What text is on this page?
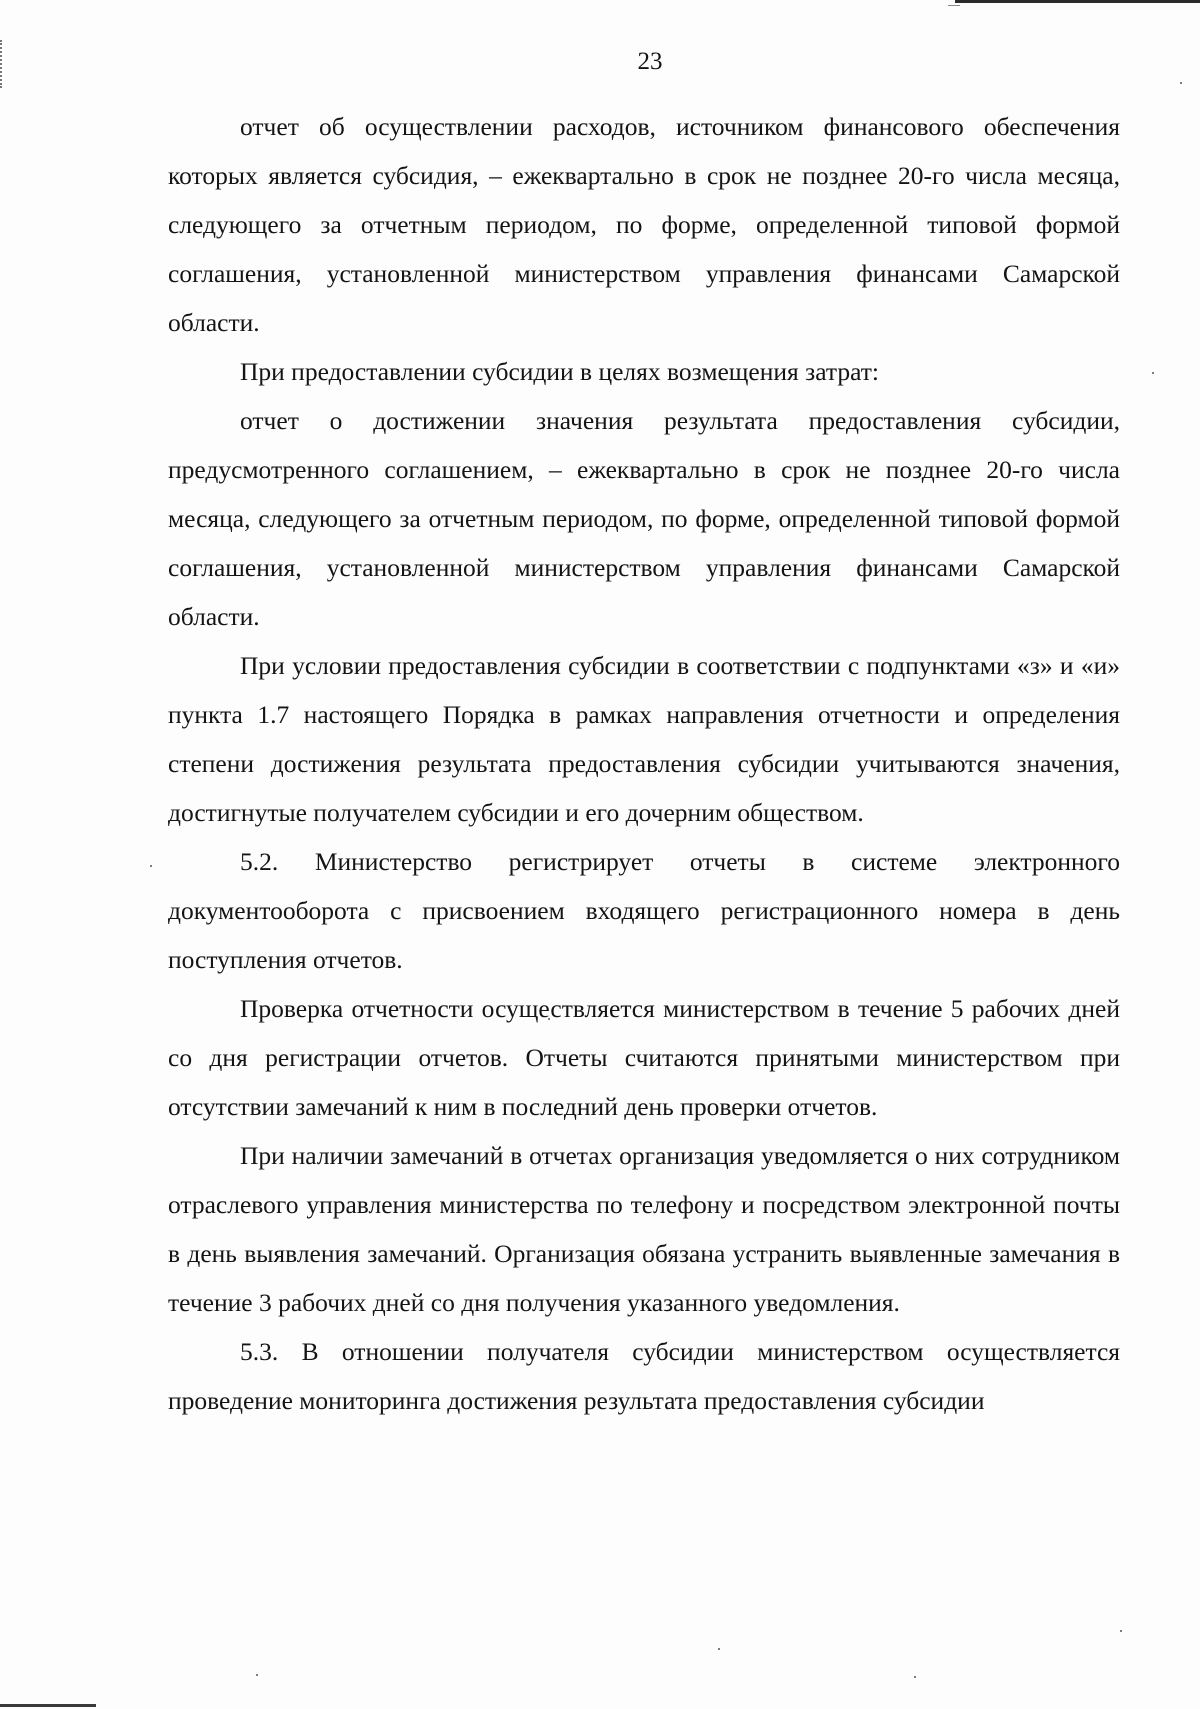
23

отчет об осуществлении расходов, источником финансового обеспечения которых является субсидия, – ежеквартально в срок не позднее 20-го числа месяца, следующего за отчетным периодом, по форме, определенной типовой формой соглашения, установленной министерством управления финансами Самарской области.

При предоставлении субсидии в целях возмещения затрат:

отчет о достижении значения результата предоставления субсидии, предусмотренного соглашением, – ежеквартально в срок не позднее 20-го числа месяца, следующего за отчетным периодом, по форме, определенной типовой формой соглашения, установленной министерством управления финансами Самарской области.

При условии предоставления субсидии в соответствии с подпунктами «з» и «и» пункта 1.7 настоящего Порядка в рамках направления отчетности и определения степени достижения результата предоставления субсидии учитываются значения, достигнутые получателем субсидии и его дочерним обществом.

5.2. Министерство регистрирует отчеты в системе электронного документооборота с присвоением входящего регистрационного номера в день поступления отчетов.

Проверка отчетности осуществляется министерством в течение 5 рабочих дней со дня регистрации отчетов. Отчеты считаются принятыми министерством при отсутствии замечаний к ним в последний день проверки отчетов.

При наличии замечаний в отчетах организация уведомляется о них сотрудником отраслевого управления министерства по телефону и посредством электронной почты в день выявления замечаний. Организация обязана устранить выявленные замечания в течение 3 рабочих дней со дня получения указанного уведомления.

5.3. В отношении получателя субсидии министерством осуществляется проведение мониторинга достижения результата предоставления субсидии
